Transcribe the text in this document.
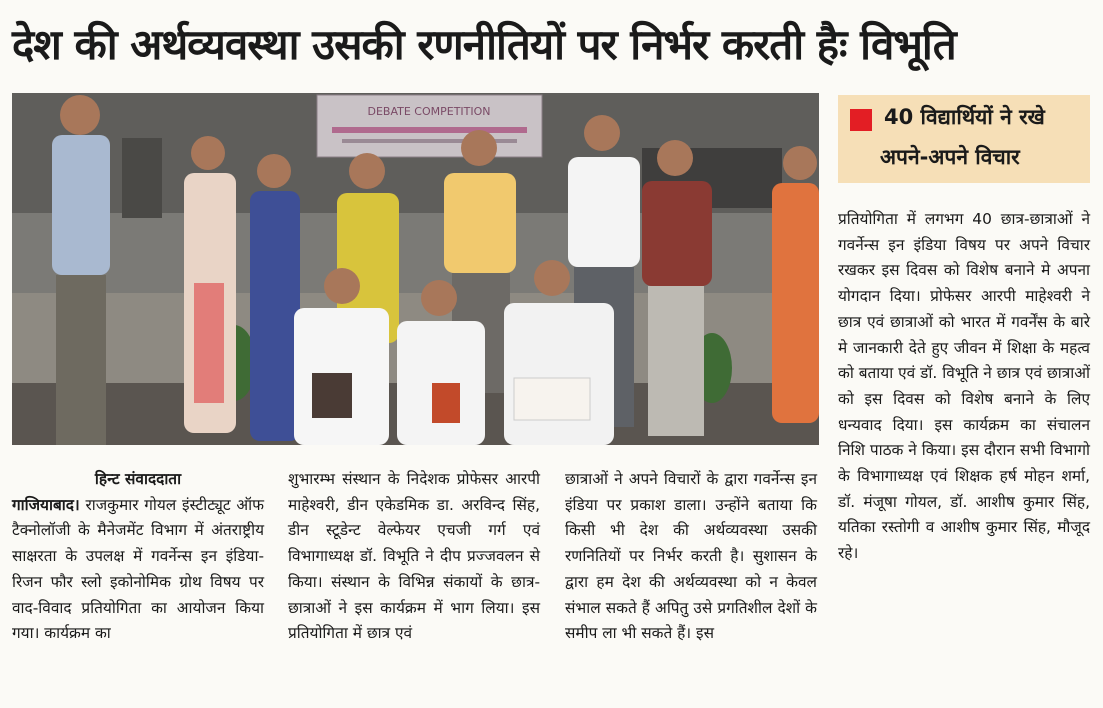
देश की अर्थव्यवस्था उसकी रणनीतियों पर निर्भर करती हैः विभूति
DEBATE COMPETITION	40 विद्यार्थियों ने रखे
अपने-अपने विचार

प्रतियोगिता में लगभग 40 छात्र-छात्राओं ने गवर्नेन्स इन इंडिया विषय पर अपने विचार रखकर इस दिवस को विशेष बनाने मे अपना योगदान दिया। प्रोफेसर आरपी माहेश्वरी ने छात्र एवं छात्राओं को भारत में गवर्नेंस के बारे मे जानकारी देते हुए जीवन में शिक्षा के महत्व को बताया एवं डॉ. विभूति ने छात्र एवं छात्राओं को इस दिवस को विशेष बनाने के लिए धन्यवाद दिया। इस कार्यक्रम का संचालन निशि पाठक ने किया। इस दौरान सभी विभागो के विभागाध्यक्ष एवं शिक्षक हर्ष मोहन शर्मा, डॉ. मंजूषा गोयल, डॉ. आशीष कुमार सिंह, यतिका रस्तोगी व आशीष कुमार सिंह, मौजूद रहे।

हिन्ट संवाददाता

गाजियाबाद। राजकुमार गोयल इंस्टीट्यूट ऑफ टैक्नोलॉजी के मैनेजमेंट विभाग में अंतराष्ट्रीय साक्षरता के उपलक्ष में गवर्नेन्स इन इंडिया-रिजन फौर स्लो इकोनोमिक ग्रोथ विषय पर वाद-विवाद प्रतियोगिता का आयोजन किया गया। कार्यक्रम का

शुभारम्भ संस्थान के निदेशक प्रोफेसर आरपी माहेश्वरी, डीन एकेडमिक डा. अरविन्द सिंह, डीन स्टूडेन्ट वेल्फेयर एचजी गर्ग एवं विभागाध्यक्ष डॉ. विभूति ने दीप प्रज्जवलन से किया। संस्थान के विभिन्न संकायों के छात्र-छात्राओं ने इस कार्यक्रम में भाग लिया। इस प्रतियोगिता में छात्र एवं

छात्राओं ने अपने विचारों के द्वारा गवर्नेन्स इन इंडिया पर प्रकाश डाला। उन्होंने बताया कि किसी भी देश की अर्थव्यवस्था उसकी रणनितियों पर निर्भर करती है। सुशासन के द्वारा हम देश की अर्थव्यवस्था को न केवल संभाल सकते हैं अपितु उसे प्रगतिशील देशों के समीप ला भी सकते हैं। इस
